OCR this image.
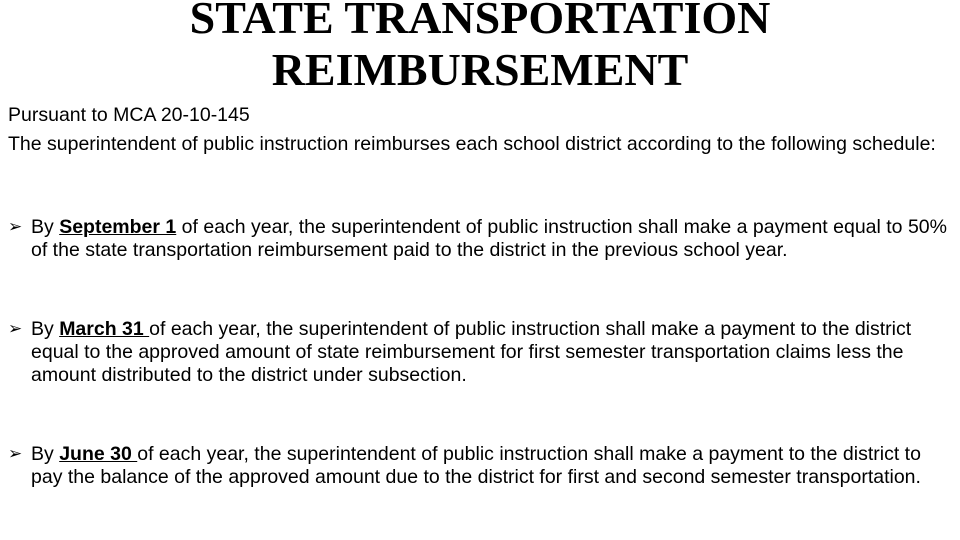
STATE TRANSPORTATION
REIMBURSEMENT

Pursuant to MCA 20-10-145

The superintendent of public instruction reimburses each school district according to the following schedule:

➢ By September 1 of each year, the superintendent of public instruction shall make a payment equal to 50% of the state transportation reimbursement paid to the district in the previous school year.
➢ By March 31 of each year, the superintendent of public instruction shall make a payment to the district equal to the approved amount of state reimbursement for first semester transportation claims less the amount distributed to the district under subsection.
➢ By June 30 of each year, the superintendent of public instruction shall make a payment to the district to pay the balance of the approved amount due to the district for first and second semester transportation.
